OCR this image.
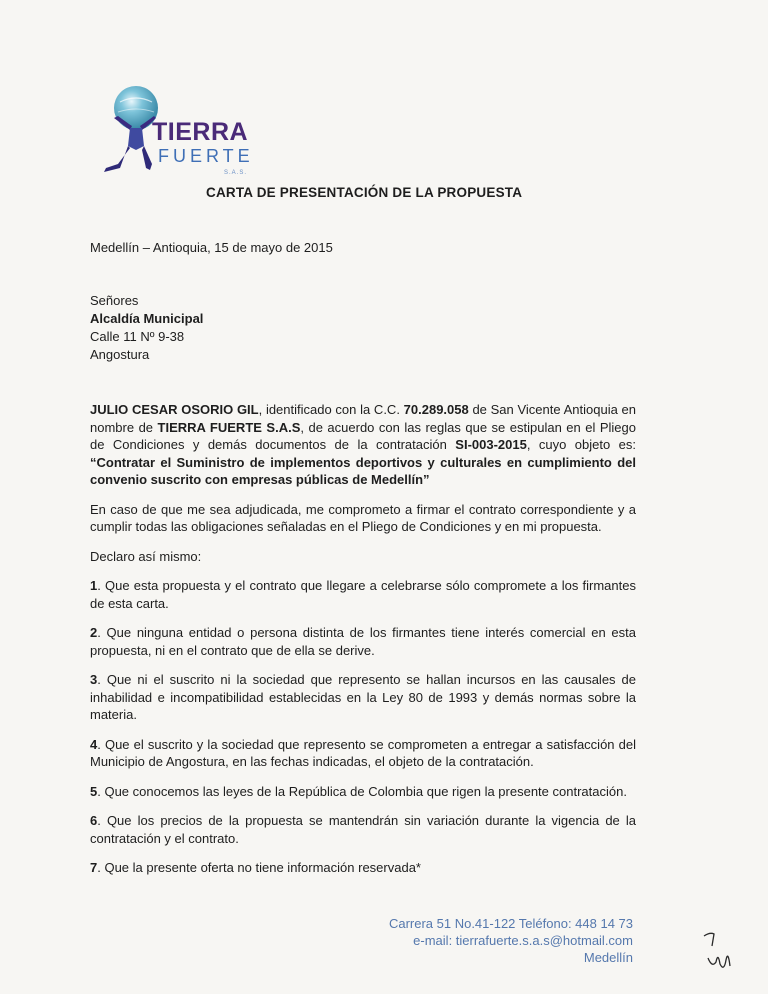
TIERRA
FUERTE
S.A.S.
CARTA DE PRESENTACIÓN DE LA PROPUESTA
Medellín – Antioquia, 15 de mayo de 2015
Señores
Alcaldía Municipal
Calle 11 Nº 9-38
Angostura

JULIO CESAR OSORIO GIL, identificado con la C.C. 70.289.058 de San Vicente Antioquia en nombre de TIERRA FUERTE S.A.S, de acuerdo con las reglas que se estipulan en el Pliego de Condiciones y demás documentos de la contratación SI-003-2015, cuyo objeto es: “Contratar el Suministro de implementos deportivos y culturales en cumplimiento del convenio suscrito con empresas públicas de Medellín”

En caso de que me sea adjudicada, me comprometo a firmar el contrato correspondiente y a cumplir todas las obligaciones señaladas en el Pliego de Condiciones y en mi propuesta.

Declaro así mismo:

1. Que esta propuesta y el contrato que llegare a celebrarse sólo compromete a los firmantes de esta carta.

2. Que ninguna entidad o persona distinta de los firmantes tiene interés comercial en esta propuesta, ni en el contrato que de ella se derive.

3. Que ni el suscrito ni la sociedad que represento se hallan incursos en las causales de inhabilidad e incompatibilidad establecidas en la Ley 80 de 1993 y demás normas sobre la materia.

4. Que el suscrito y la sociedad que represento se comprometen a entregar a satisfacción del Municipio de Angostura, en las fechas indicadas, el objeto de la contratación.

5. Que conocemos las leyes de la República de Colombia que rigen la presente contratación.

6. Que los precios de la propuesta se mantendrán sin variación durante la vigencia de la contratación y el contrato.

7. Que la presente oferta no tiene información reservada*

Carrera 51 No.41-122 Teléfono: 448 14 73
e-mail: tierrafuerte.s.a.s@hotmail.com
Medellín
